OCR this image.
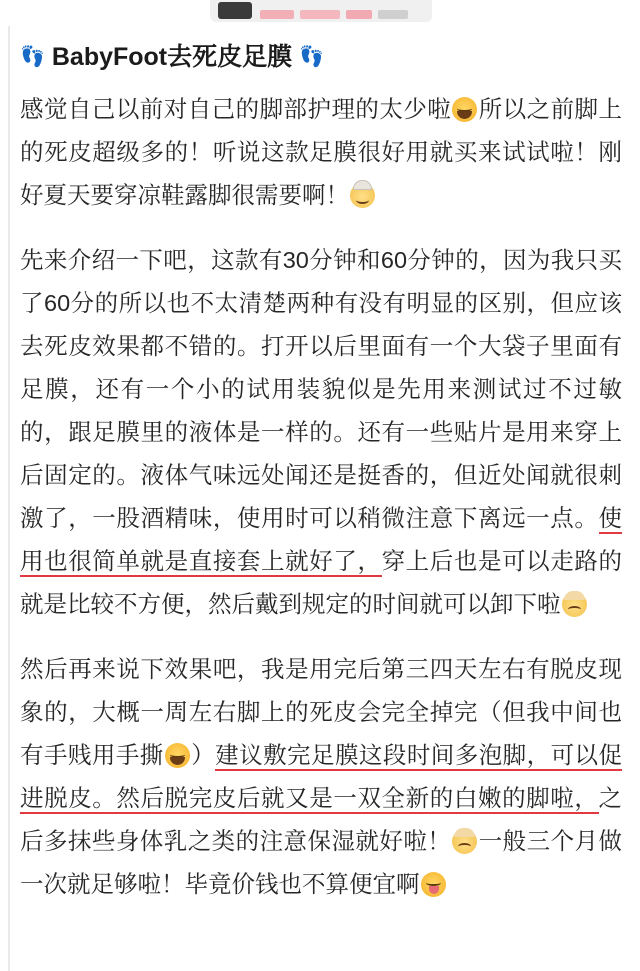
👣 BabyFoot去死皮足膜 👣

感觉自己以前对自己的脚部护理的太少啦 所以之前脚上的死皮超级多的！听说这款足膜很好用就买来试试啦！刚好夏天要穿凉鞋露脚很需要啊！

先来介绍一下吧，这款有30分钟和60分钟的，因为我只买了60分的所以也不太清楚两种有没有明显的区别，但应该去死皮效果都不错的。打开以后里面有一个大袋子里面有足膜，还有一个小的试用装貌似是先用来测试过不过敏的，跟足膜里的液体是一样的。还有一些贴片是用来穿上后固定的。液体气味远处闻还是挺香的，但近处闻就很刺激了，一股酒精味，使用时可以稍微注意下离远一点。使用也很简单就是直接套上就好了，穿上后也是可以走路的就是比较不方便，然后戴到规定的时间就可以卸下啦

然后再来说下效果吧，我是用完后第三四天左右有脱皮现象的，大概一周左右脚上的死皮会完全掉完（但我中间也有手贱用手撕 ）建议敷完足膜这段时间多泡脚，可以促进脱皮。然后脱完皮后就又是一双全新的白嫩的脚啦，之后多抹些身体乳之类的注意保湿就好啦！ 一般三个月做一次就足够啦！毕竟价钱也不算便宜啊
